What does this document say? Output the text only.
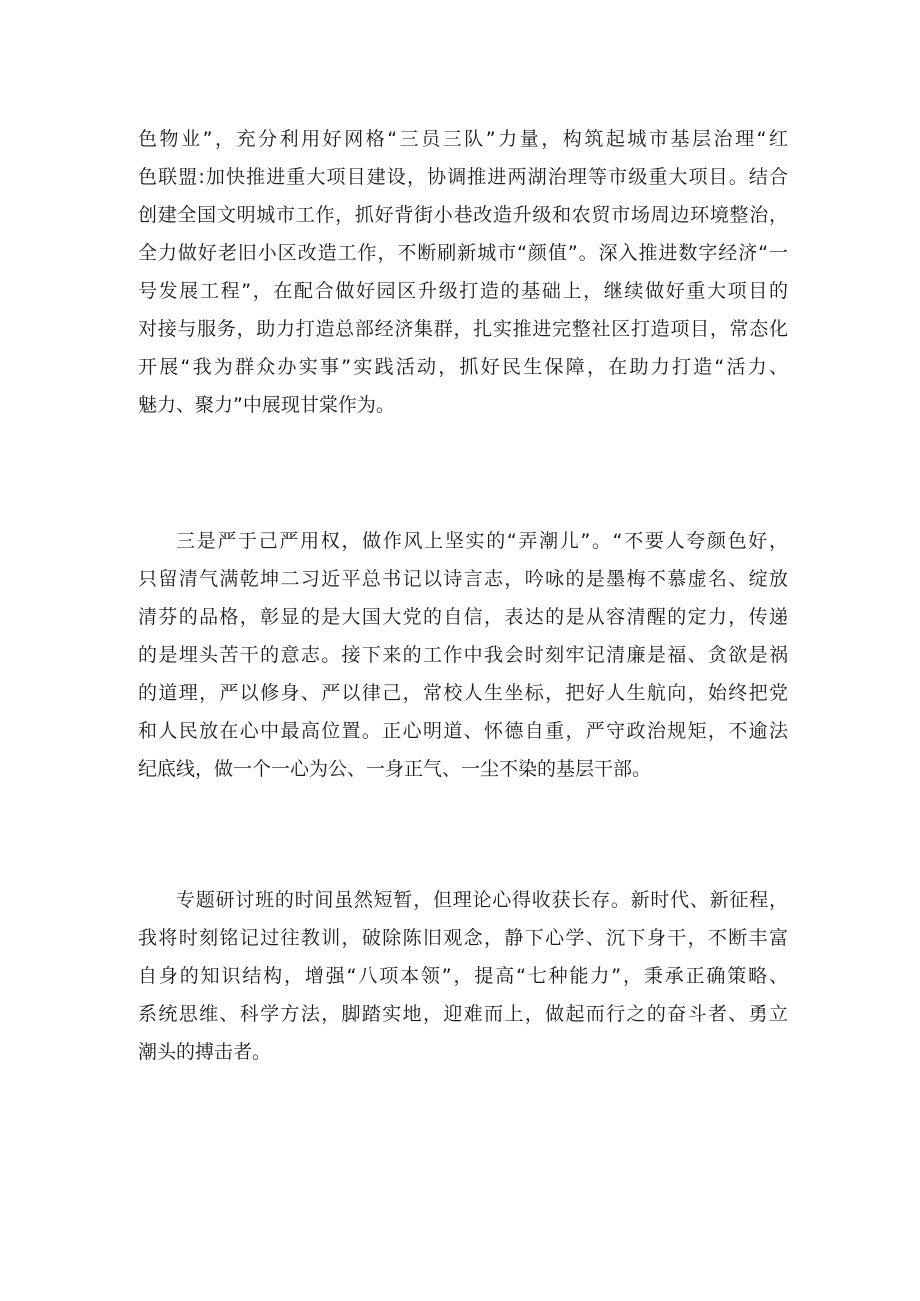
色物业”，充分利用好网格“三员三队”力量，构筑起城市基层治理“红
色联盟:加快推进重大项目建设，协调推进两湖治理等市级重大项目。结合
创建全国文明城市工作，抓好背街小巷改造升级和农贸市场周边环境整治，
全力做好老旧小区改造工作，不断刷新城市“颜值”。深入推进数字经济“一
号发展工程”，在配合做好园区升级打造的基础上，继续做好重大项目的
对接与服务，助力打造总部经济集群，扎实推进完整社区打造项目，常态化
开展“我为群众办实事”实践活动，抓好民生保障，在助力打造“活力、
魅力、聚力”中展现甘棠作为。

三是严于己严用权，做作风上坚实的“弄潮儿”。“不要人夸颜色好，
只留清气满乾坤二习近平总书记以诗言志，吟咏的是墨梅不慕虚名、绽放
清芬的品格，彰显的是大国大党的自信，表达的是从容清醒的定力，传递
的是埋头苦干的意志。接下来的工作中我会时刻牢记清廉是福、贪欲是祸
的道理，严以修身、严以律己，常校人生坐标，把好人生航向，始终把党
和人民放在心中最高位置。正心明道、怀德自重，严守政治规矩，不逾法
纪底线，做一个一心为公、一身正气、一尘不染的基层干部。

专题研讨班的时间虽然短暂，但理论心得收获长存。新时代、新征程，
我将时刻铭记过往教训，破除陈旧观念，静下心学、沉下身干，不断丰富
自身的知识结构，增强“八项本领”，提高“七种能力”，秉承正确策略、
系统思维、科学方法，脚踏实地，迎难而上，做起而行之的奋斗者、勇立
潮头的搏击者。
